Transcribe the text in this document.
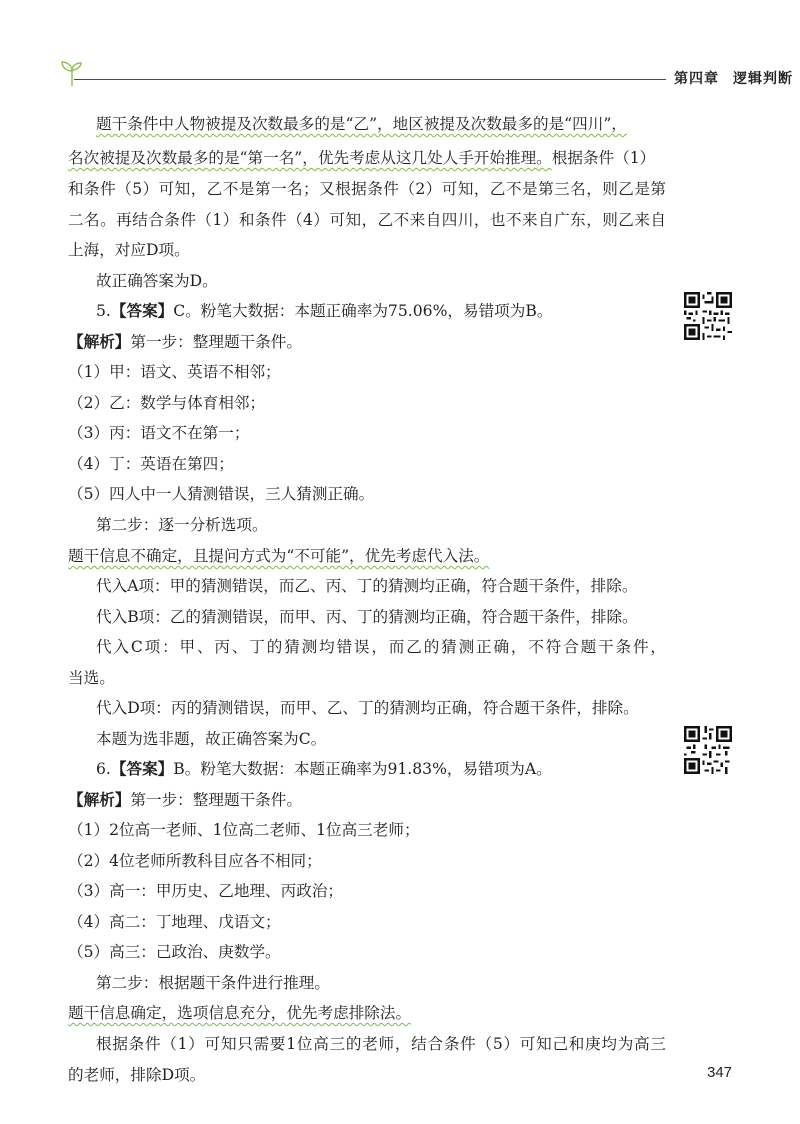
第四章 逻辑判断
题干条件中人物被提及次数最多的是“乙”，地区被提及次数最多的是“四川”，
名次被提及次数最多的是“第一名”，优先考虑从这几处人手开始推理。根据条件（1）
和条件（5）可知，乙不是第一名；又根据条件（2）可知，乙不是第三名，则乙是第
二名。再结合条件（1）和条件（4）可知，乙不来自四川，也不来自广东，则乙来自
上海，对应D项。
故正确答案为D。
5.【答案】C。粉笔大数据：本题正确率为75.06%，易错项为B。
【解析】第一步：整理题干条件。
（1）甲：语文、英语不相邻；
（2）乙：数学与体育相邻；
（3）丙：语文不在第一；
（4）丁：英语在第四；
（5）四人中一人猜测错误，三人猜测正确。
第二步：逐一分析选项。
题干信息不确定，且提问方式为“不可能”，优先考虑代入法。
代入A项：甲的猜测错误，而乙、丙、丁的猜测均正确，符合题干条件，排除。
代入B项：乙的猜测错误，而甲、丙、丁的猜测均正确，符合题干条件，排除。
代入C项：甲、丙、丁的猜测均错误，而乙的猜测正确，不符合题干条件，
当选。
代入D项：丙的猜测错误，而甲、乙、丁的猜测均正确，符合题干条件，排除。
本题为选非题，故正确答案为C。
6.【答案】B。粉笔大数据：本题正确率为91.83%，易错项为A。
【解析】第一步：整理题干条件。
（1）2位高一老师、1位高二老师、1位高三老师；
（2）4位老师所教科目应各不相同；
（3）高一：甲历史、乙地理、丙政治；
（4）高二：丁地理、戊语文；
（5）高三：己政治、庚数学。
第二步：根据题干条件进行推理。
题干信息确定，选项信息充分，优先考虑排除法。
根据条件（1）可知只需要1位高三的老师，结合条件（5）可知己和庚均为高三
的老师，排除D项。	347
